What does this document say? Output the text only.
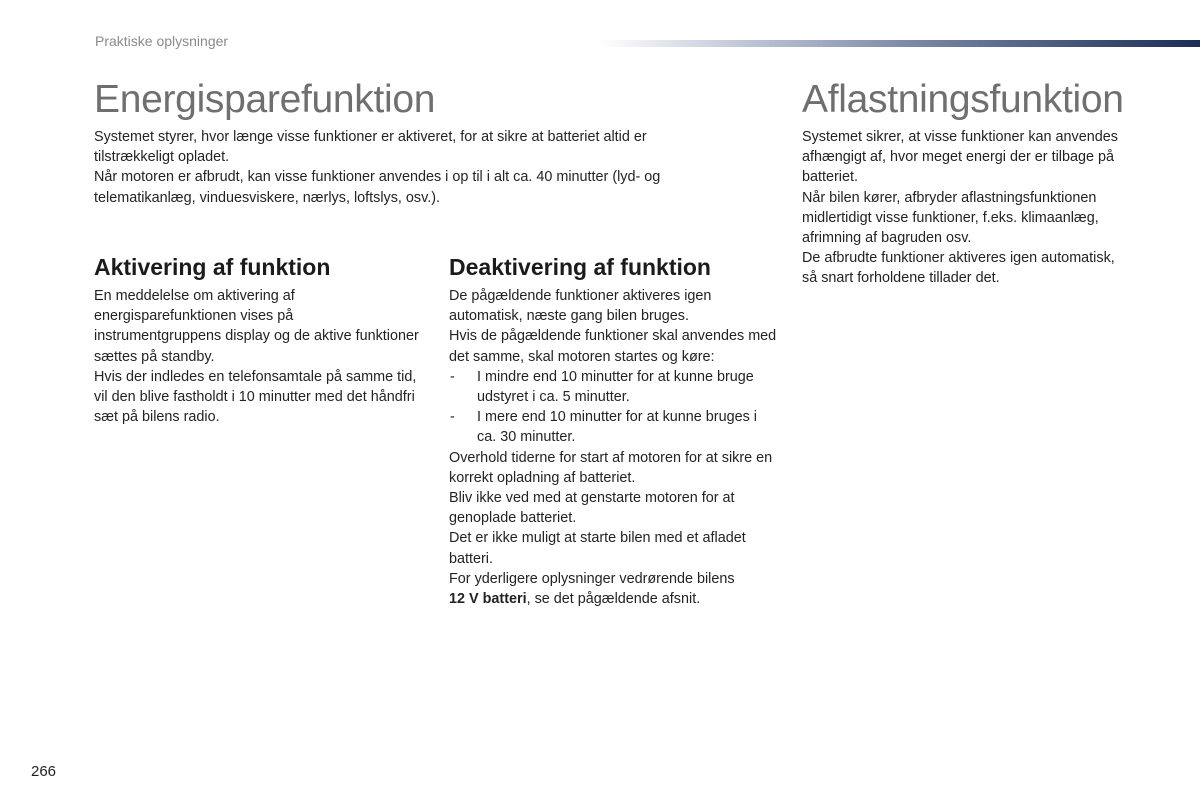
Praktiske oplysninger
Energisparefunktion

Systemet styrer, hvor længe visse funktioner er aktiveret, for at sikre at batteriet altid er tilstrækkeligt opladet.

Når motoren er afbrudt, kan visse funktioner anvendes i op til i alt ca. 40 minutter (lyd- og telematikanlæg, vinduesviskere, nærlys, loftslys, osv.).

Aktivering af funktion

En meddelelse om aktivering af energisparefunktionen vises på instrumentgruppens display og de aktive funktioner sættes på standby.

Hvis der indledes en telefonsamtale på samme tid, vil den blive fastholdt i 10 minutter med det håndfri sæt på bilens radio.

Deaktivering af funktion

De pågældende funktioner aktiveres igen automatisk, næste gang bilen bruges.

Hvis de pågældende funktioner skal anvendes med det samme, skal motoren startes og køre:

- I mindre end 10 minutter for at kunne bruge udstyret i ca. 5 minutter.
- I mere end 10 minutter for at kunne bruges i ca. 30 minutter.

Overhold tiderne for start af motoren for at sikre en korrekt opladning af batteriet.

Bliv ikke ved med at genstarte motoren for at genoplade batteriet.

Det er ikke muligt at starte bilen med et afladet batteri.

For yderligere oplysninger vedrørende bilens
12 V batteri, se det pågældende afsnit.

Aflastningsfunktion

Systemet sikrer, at visse funktioner kan anvendes afhængigt af, hvor meget energi der er tilbage på batteriet.

Når bilen kører, afbryder aflastningsfunktionen midlertidigt visse funktioner, f.eks. klimaanlæg, afrimning af bagruden osv.

De afbrudte funktioner aktiveres igen automatisk, så snart forholdene tillader det.

266
